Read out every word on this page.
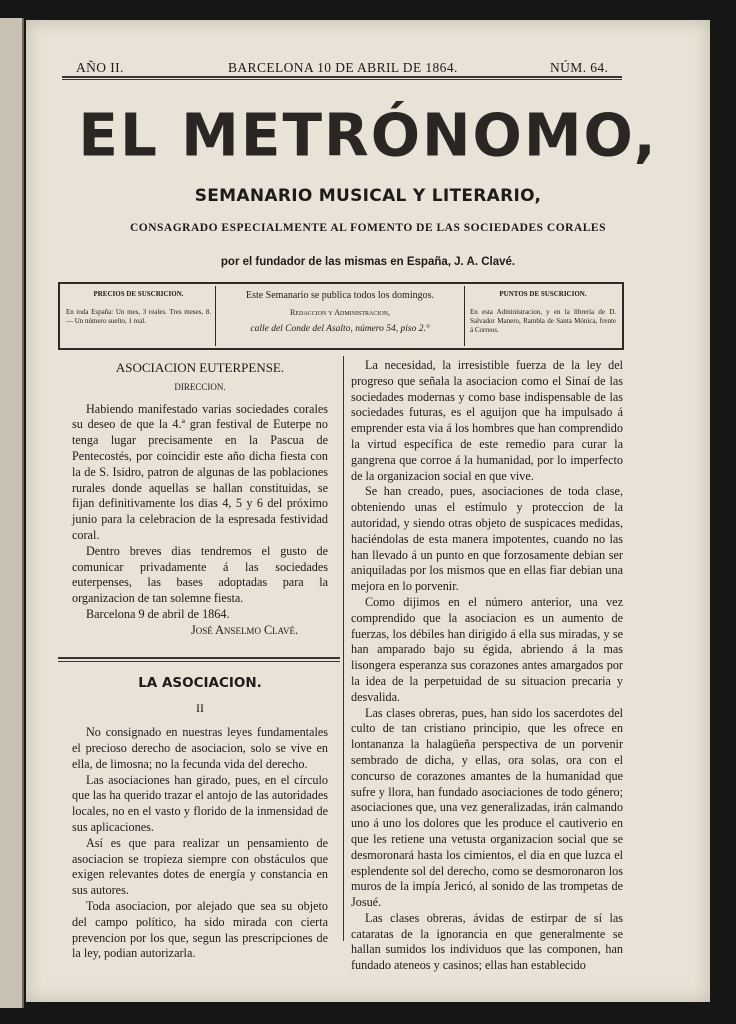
AÑO II.	BARCELONA 10 DE ABRIL DE 1864.	NÚM. 64.
EL METRÓNOMO,
SEMANARIO MUSICAL Y LITERARIO,
CONSAGRADO ESPECIALMENTE AL FOMENTO DE LAS SOCIEDADES CORALES
por el fundador de las mismas en España, J. A. Clavé.
PRECIOS DE SUSCRICION.
En toda España: Un mes, 3 reales. Tres meses, 8. — Un número suelto, 1 real.
Este Semanario se publica todos los domingos.
Redaccion y Administracion,
calle del Conde del Asalto, número 54, piso 2.°
PUNTOS DE SUSCRICION.
En esta Administracion, y en la librería de D. Salvador Manero, Rambla de Santa Mónica, frente á Correos.
ASOCIACION EUTERPENSE.
DIRECCION.

Habiendo manifestado varias sociedades corales su deseo de que la 4.ª gran festival de Euterpe no tenga lugar precisamente en la Pascua de Pentecostés, por coincidir este año dicha fiesta con la de S. Isidro, patron de algunas de las poblaciones rurales donde aquellas se hallan constituidas, se fijan definitivamente los dias 4, 5 y 6 del próximo junio para la celebracion de la espresada festividad coral.

Dentro breves dias tendremos el gusto de comunicar privadamente á las sociedades euterpenses, las bases adoptadas para la organizacion de tan solemne fiesta.

Barcelona 9 de abril de 1864.

José Anselmo Clavé.

LA ASOCIACION.
II

No consignado en nuestras leyes fundamentales el precioso derecho de asociacion, solo se vive en ella, de limosna; no la fecunda vida del derecho.

Las asociaciones han girado, pues, en el círculo que las ha querido trazar el antojo de las autoridades locales, no en el vasto y florido de la inmensidad de sus aplicaciones.

Así es que para realizar un pensamiento de asociacion se tropieza siempre con obstáculos que exigen relevantes dotes de energía y constancia en sus autores.

Toda asociacion, por alejado que sea su objeto del campo político, ha sido mirada con cierta prevencion por los que, segun las prescripciones de la ley, podian autorizarla.

La necesidad, la irresistible fuerza de la ley del progreso que señala la asociacion como el Sinaí de las sociedades modernas y como base indispensable de las sociedades futuras, es el aguijon que ha impulsado á emprender esta via á los hombres que han comprendido la virtud específica de este remedio para curar la gangrena que corroe á la humanidad, por lo imperfecto de la organizacion social en que vive.

Se han creado, pues, asociaciones de toda clase, obteniendo unas el estímulo y proteccion de la autoridad, y siendo otras objeto de suspicaces medidas, haciéndolas de esta manera impotentes, cuando no las han llevado á un punto en que forzosamente debian ser aniquiladas por los mismos que en ellas fiar debian una mejora en lo porvenir.

Como dijimos en el número anterior, una vez comprendido que la asociacion es un aumento de fuerzas, los débiles han dirigido á ella sus miradas, y se han amparado bajo su égida, abriendo á la mas lisongera esperanza sus corazones antes amargados por la idea de la perpetuidad de su situacion precaria y desvalida.

Las clases obreras, pues, han sido los sacerdotes del culto de tan cristiano principio, que les ofrece en lontananza la halagüeña perspectiva de un porvenir sembrado de dicha, y ellas, ora solas, ora con el concurso de corazones amantes de la humanidad que sufre y llora, han fundado asociaciones de todo género; asociaciones que, una vez generalizadas, irán calmando uno á uno los dolores que les produce el cautiverio en que les retiene una vetusta organizacion social que se desmoronará hasta los cimientos, el dia en que luzca el esplendente sol del derecho, como se desmoronaron los muros de la impía Jericó, al sonido de las trompetas de Josué.

Las clases obreras, ávidas de estirpar de sí las cataratas de la ignorancia en que generalmente se hallan sumidos los individuos que las componen, han fundado ateneos y casinos; ellas han establecido
